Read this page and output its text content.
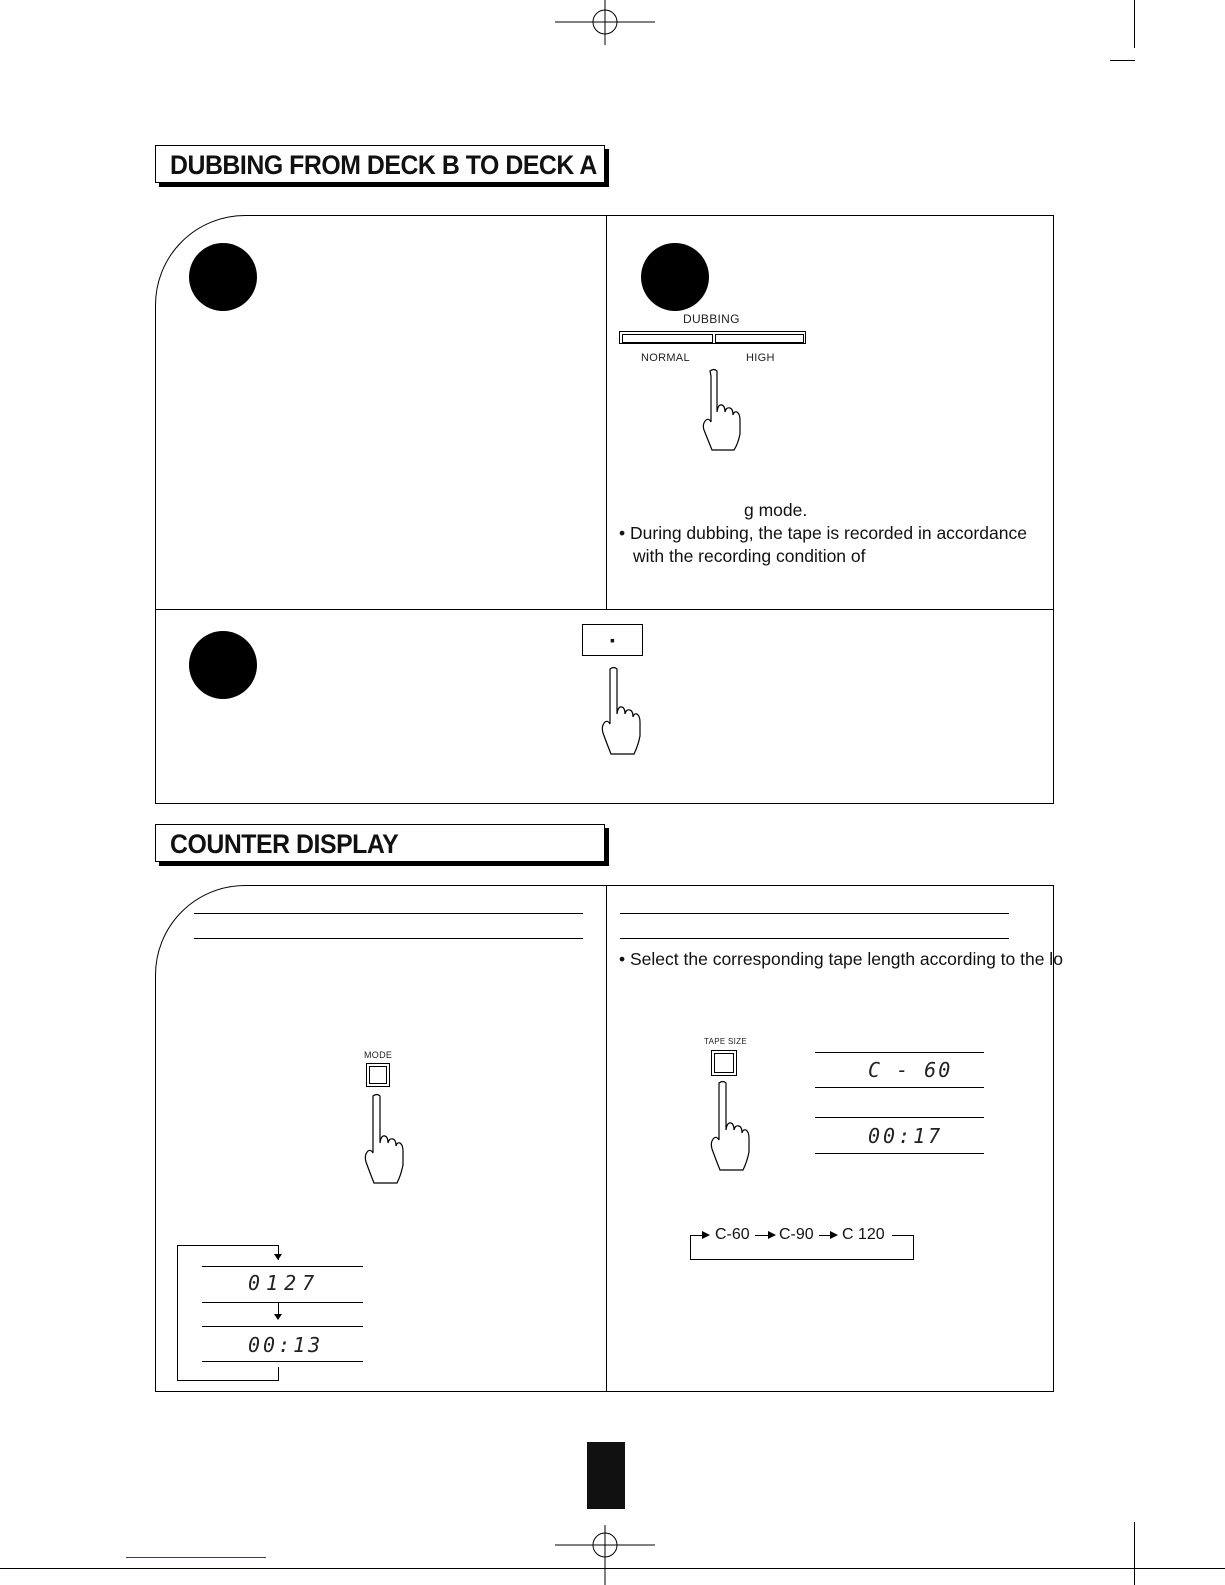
DUBBING FROM DECK B TO DECK A
DUBBING
NORMAL	HIGH
g mode.
• During dubbing, the tape is recorded in accordance with the recording condition of
▪
COUNTER DISPLAY
MODE
0127
00:13
• Select the corresponding tape length according to the lo
TAPE SIZE
C - 60
00:17
C-60 C-90 C 120
